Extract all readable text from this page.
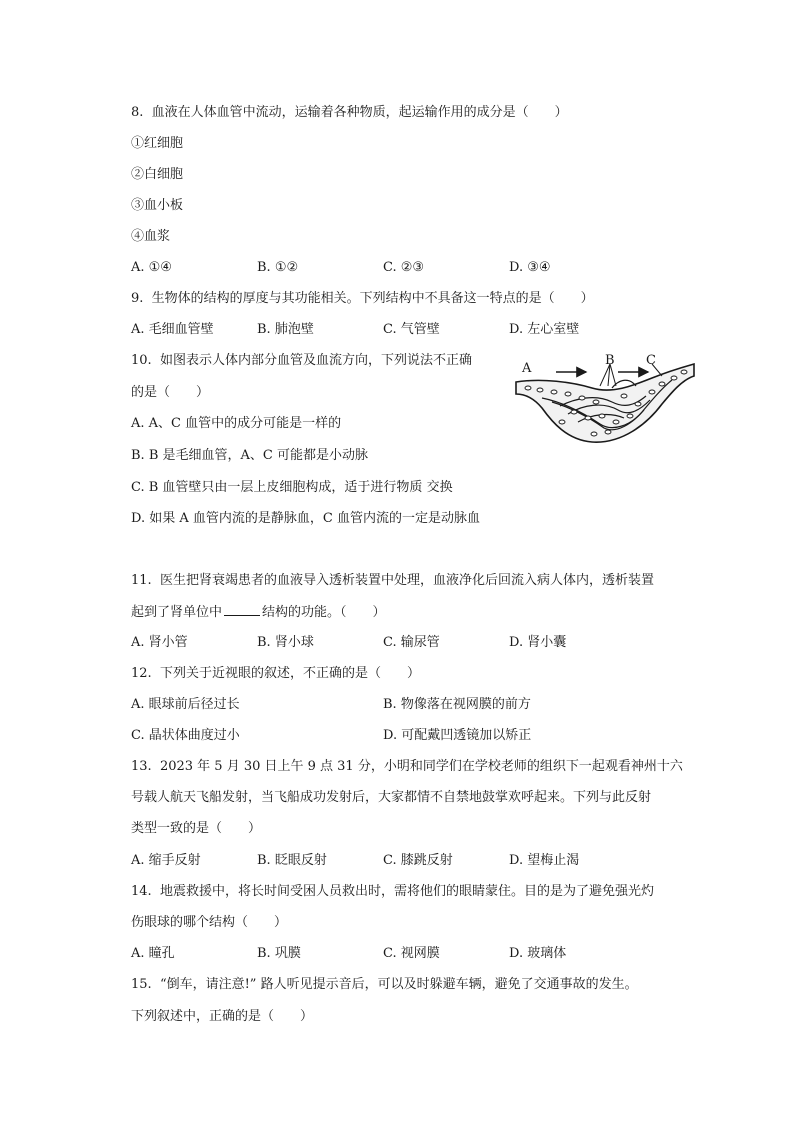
8.  血液在人体血管中流动，运输着各种物质，起运输作用的成分是（　　）
①红细胞
②白细胞
③血小板
④血浆
A. ①④	B. ①②	C. ②③	D. ③④
9.  生物体的结构的厚度与其功能相关。下列结构中不具备这一特点的是（　　）
A. 毛细血管壁	B. 肺泡壁	C. 气管壁	D. 左心室壁
10.  如图表示人体内部分血管及血流方向，下列说法不正确
的是（　　）
A. A、C 血管中的成分可能是一样的
B. B 是毛细血管，A、C 可能都是小动脉
C. B 血管壁只由一层上皮细胞构成，适于进行物质 交换
D. 如果 A 血管内流的是静脉血，C 血管内流的一定是动脉血
A
B C
11.  医生把肾衰竭患者的血液导入透析装置中处理，血液净化后回流入病人体内，透析装置
起到了肾单位中	结构的功能。（　　）
A. 肾小管	B. 肾小球	C. 输尿管	D. 肾小囊
12.  下列关于近视眼的叙述，不正确的是（　　）
A. 眼球前后径过长	B. 物像落在视网膜的前方
C. 晶状体曲度过小	D. 可配戴凹透镜加以矫正
13.  2023 年 5 月 30 日上午 9 点 31 分，小明和同学们在学校老师的组织下一起观看神州十六
号载人航天飞船发射，当飞船成功发射后，大家都情不自禁地鼓掌欢呼起来。下列与此反射
类型一致的是（　　）
A. 缩手反射	B. 眨眼反射	C. 膝跳反射	D. 望梅止渴
14.  地震救援中，将长时间受困人员救出时，需将他们的眼睛蒙住。目的是为了避免强光灼
伤眼球的哪个结构（　　）
A. 瞳孔	B. 巩膜	C. 视网膜	D. 玻璃体
15.  “倒车，请注意!” 路人听见提示音后，可以及时躲避车辆，避免了交通事故的发生。
下列叙述中，正确的是（　　）
